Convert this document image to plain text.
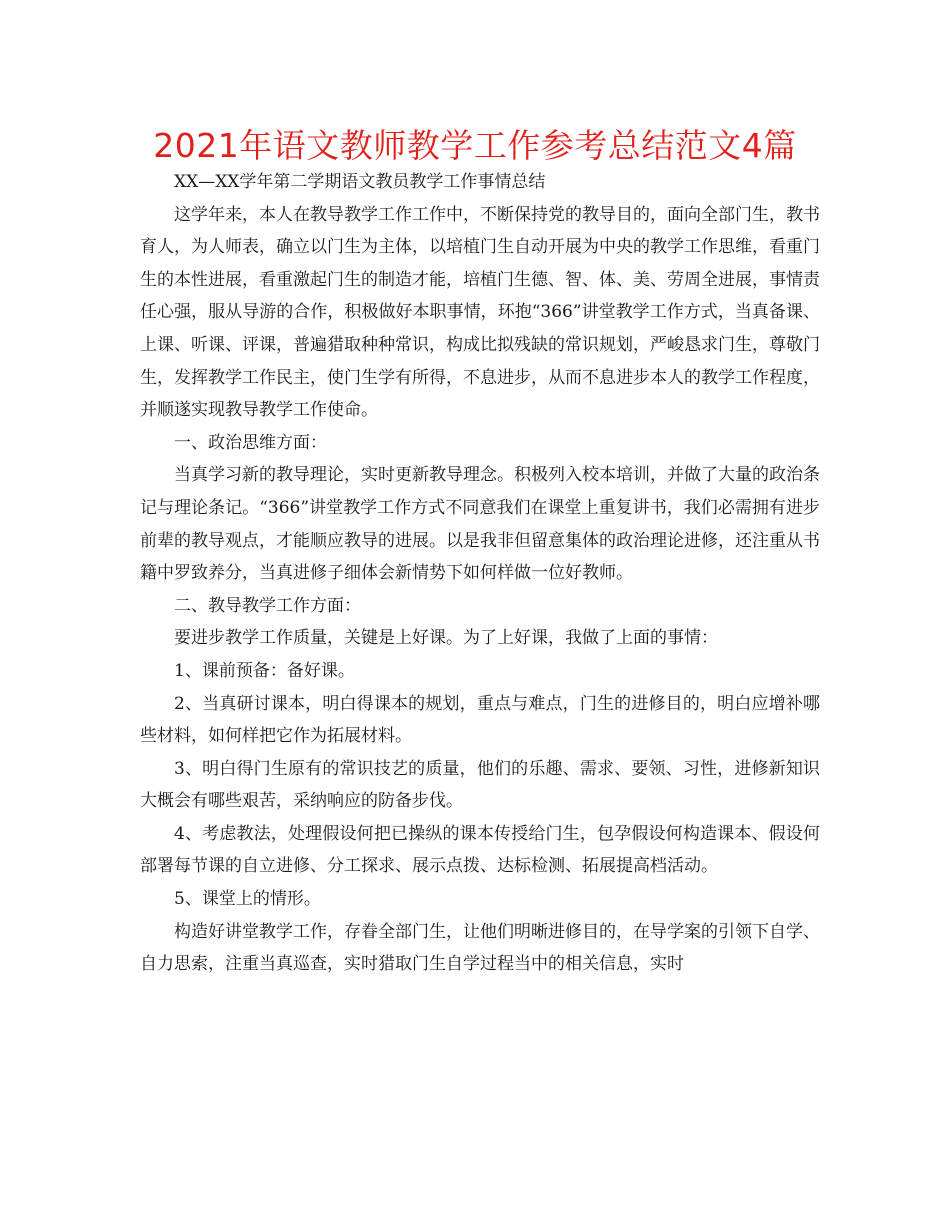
2021年语文教师教学工作参考总结范文4篇

XX—XX学年第二学期语文教员教学工作事情总结

这学年来，本人在教导教学工作工作中，不断保持党的教导目的，面向全部门生，教书育人，为人师表，确立以门生为主体，以培植门生自动开展为中央的教学工作思维，看重门生的本性进展，看重激起门生的制造才能，培植门生德、智、体、美、劳周全进展，事情责任心强，服从导游的合作，积极做好本职事情，环抱“366”讲堂教学工作方式，当真备课、上课、听课、评课，普遍猎取种种常识，构成比拟残缺的常识规划，严峻恳求门生，尊敬门生，发挥教学工作民主，使门生学有所得，不息进步，从而不息进步本人的教学工作程度，并顺遂实现教导教学工作使命。

一、政治思维方面：

当真学习新的教导理论，实时更新教导理念。积极列入校本培训，并做了大量的政治条记与理论条记。“366”讲堂教学工作方式不同意我们在课堂上重复讲书，我们必需拥有进步前辈的教导观点，才能顺应教导的进展。以是我非但留意集体的政治理论进修，还注重从书籍中罗致养分，当真进修子细体会新情势下如何样做一位好教师。

二、教导教学工作方面：

要进步教学工作质量，关键是上好课。为了上好课，我做了上面的事情：

1、课前预备：备好课。

2、当真研讨课本，明白得课本的规划，重点与难点，门生的进修目的，明白应增补哪些材料，如何样把它作为拓展材料。

3、明白得门生原有的常识技艺的质量，他们的乐趣、需求、要领、习性，进修新知识大概会有哪些艰苦，采纳响应的防备步伐。

4、考虑教法，处理假设何把已操纵的课本传授给门生，包孕假设何构造课本、假设何部署每节课的自立进修、分工探求、展示点拨、达标检测、拓展提高档活动。

5、课堂上的情形。

构造好讲堂教学工作，存眷全部门生，让他们明晰进修目的，在导学案的引领下自学、自力思索，注重当真巡查，实时猎取门生自学过程当中的相关信息，实时
